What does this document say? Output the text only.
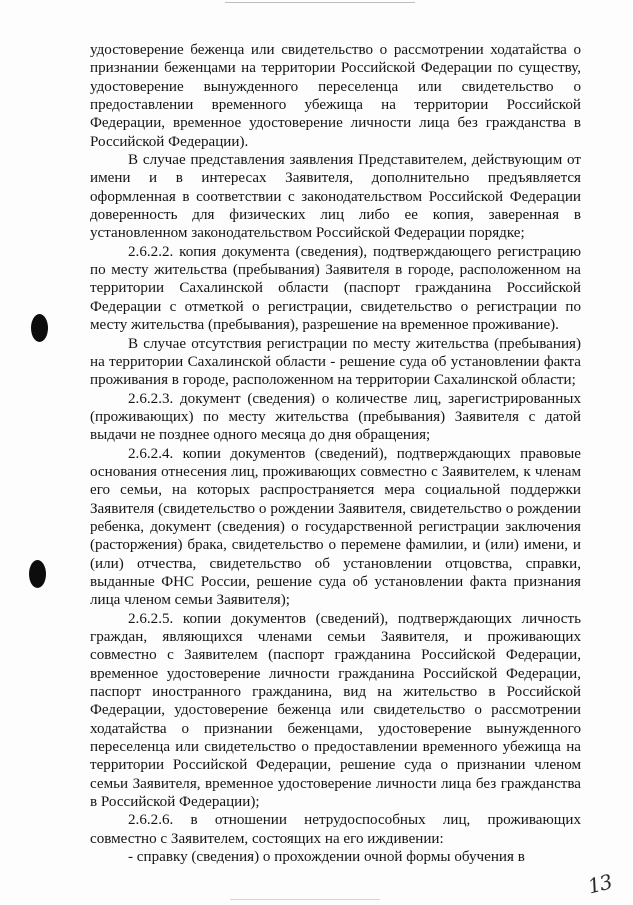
удостоверение беженца или свидетельство о рассмотрении ходатайства о признании беженцами на территории Российской Федерации по существу, удостоверение вынужденного переселенца или свидетельство о предоставлении временного убежища на территории Российской Федерации, временное удостоверение личности лица без гражданства в Российской Федерации).

В случае представления заявления Представителем, действующим от имени и в интересах Заявителя, дополнительно предъявляется оформленная в соответствии с законодательством Российской Федерации доверенность для физических лиц либо ее копия, заверенная в установленном законодательством Российской Федерации порядке;

2.6.2.2. копия документа (сведения), подтверждающего регистрацию по месту жительства (пребывания) Заявителя в городе, расположенном на территории Сахалинской области (паспорт гражданина Российской Федерации с отметкой о регистрации, свидетельство о регистрации по месту жительства (пребывания), разрешение на временное проживание).

В случае отсутствия регистрации по месту жительства (пребывания) на территории Сахалинской области - решение суда об установлении факта проживания в городе, расположенном на территории Сахалинской области;

2.6.2.3. документ (сведения) о количестве лиц, зарегистрированных (проживающих) по месту жительства (пребывания) Заявителя с датой выдачи не позднее одного месяца до дня обращения;

2.6.2.4. копии документов (сведений), подтверждающих правовые основания отнесения лиц, проживающих совместно с Заявителем, к членам его семьи, на которых распространяется мера социальной поддержки Заявителя (свидетельство о рождении Заявителя, свидетельство о рождении ребенка, документ (сведения) о государственной регистрации заключения (расторжения) брака, свидетельство о перемене фамилии, и (или) имени, и (или) отчества, свидетельство об установлении отцовства, справки, выданные ФНС России, решение суда об установлении факта признания лица членом семьи Заявителя);

2.6.2.5. копии документов (сведений), подтверждающих личность граждан, являющихся членами семьи Заявителя, и проживающих совместно с Заявителем (паспорт гражданина Российской Федерации, временное удостоверение личности гражданина Российской Федерации, паспорт иностранного гражданина, вид на жительство в Российской Федерации, удостоверение беженца или свидетельство о рассмотрении ходатайства о признании беженцами, удостоверение вынужденного переселенца или свидетельство о предоставлении временного убежища на территории Российской Федерации, решение суда о признании членом семьи Заявителя, временное удостоверение личности лица без гражданства в Российской Федерации);

2.6.2.6. в отношении нетрудоспособных лиц, проживающих совместно с Заявителем, состоящих на его иждивении:

- справку (сведения) о прохождении очной формы обучения в

13
